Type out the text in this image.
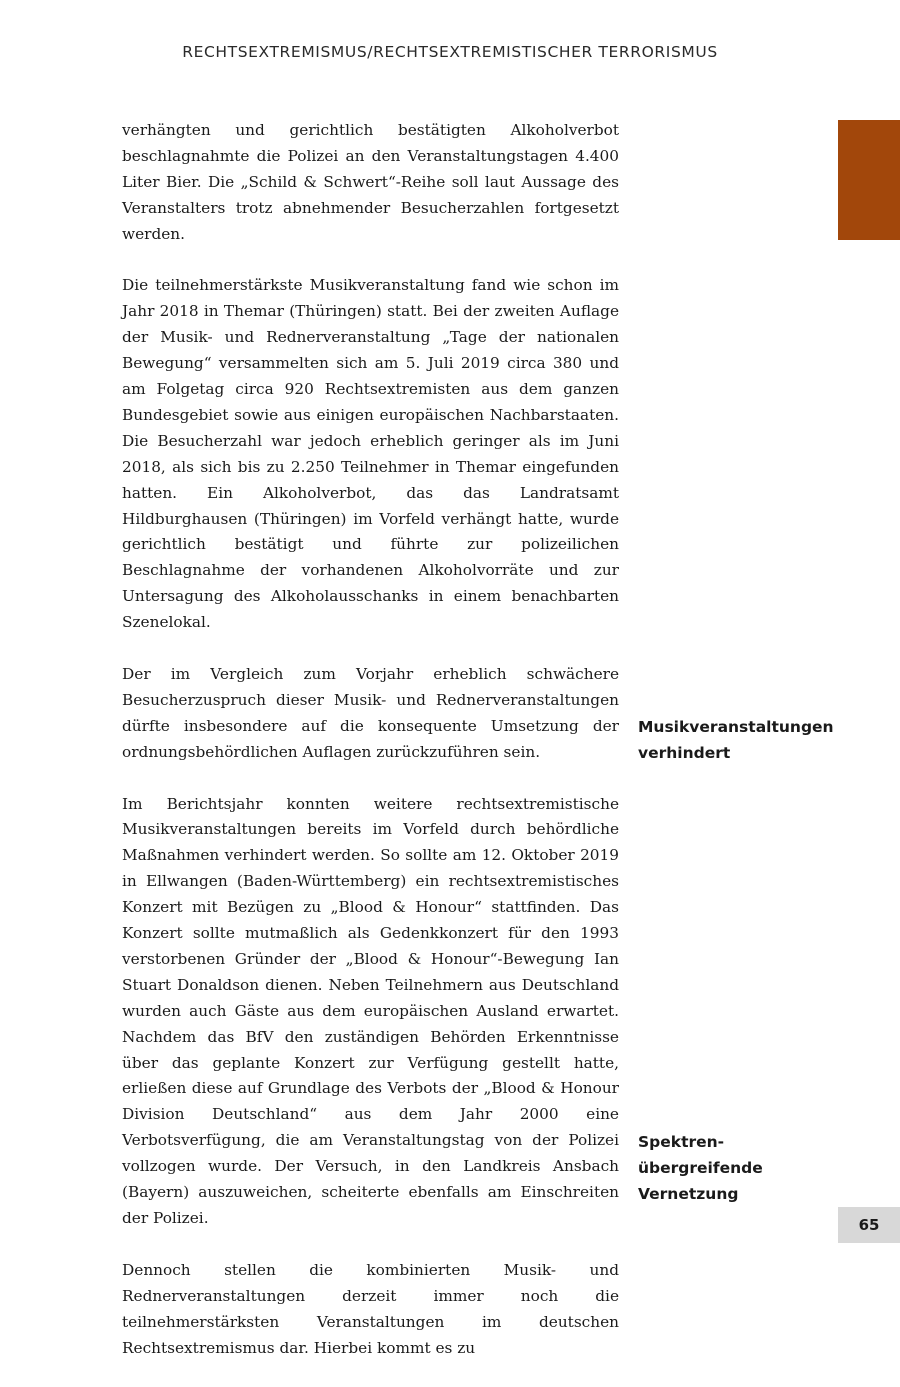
RECHTSEXTREMISMUS/RECHTSEXTREMISTISCHER TERRORISMUS

verhängten und gerichtlich bestätigten Alkoholverbot beschlagnahmte die Polizei an den Veranstaltungstagen 4.400 Liter Bier. Die „Schild & Schwert“-Reihe soll laut Aussage des Veranstalters trotz abnehmender Besucherzahlen fortgesetzt werden.

Die teilnehmerstärkste Musikveranstaltung fand wie schon im Jahr 2018 in Themar (Thüringen) statt. Bei der zweiten Auflage der Musik- und Rednerveranstaltung „Tage der nationalen Bewegung“ versammelten sich am 5. Juli 2019 circa 380 und am Folgetag circa 920 Rechtsextremisten aus dem ganzen Bundesgebiet sowie aus einigen europäischen Nachbarstaaten. Die Besucherzahl war jedoch erheblich geringer als im Juni 2018, als sich bis zu 2.250 Teilnehmer in Themar eingefunden hatten. Ein Alkoholverbot, das das Landratsamt Hildburghausen (Thüringen) im Vorfeld verhängt hatte, wurde gerichtlich bestätigt und führte zur polizeilichen Beschlagnahme der vorhandenen Alkoholvorräte und zur Untersagung des Alkoholausschanks in einem benachbarten Szenelokal.

Der im Vergleich zum Vorjahr erheblich schwächere Besucherzuspruch dieser Musik- und Rednerveranstaltungen dürfte insbesondere auf die konsequente Umsetzung der ordnungsbehördlichen Auflagen zurückzuführen sein.

Im Berichtsjahr konnten weitere rechtsextremistische Musikveranstaltungen bereits im Vorfeld durch behördliche Maßnahmen verhindert werden. So sollte am 12. Oktober 2019 in Ellwangen (Baden-Württemberg) ein rechtsextremistisches Konzert mit Bezügen zu „Blood & Honour“ stattfinden. Das Konzert sollte mutmaßlich als Gedenkkonzert für den 1993 verstorbenen Gründer der „Blood & Honour“-Bewegung Ian Stuart Donaldson dienen. Neben Teilnehmern aus Deutschland wurden auch Gäste aus dem europäischen Ausland erwartet. Nachdem das BfV den zuständigen Behörden Erkenntnisse über das geplante Konzert zur Verfügung gestellt hatte, erließen diese auf Grundlage des Verbots der „Blood & Honour Division Deutschland“ aus dem Jahr 2000 eine Verbotsverfügung, die am Veranstaltungstag von der Polizei vollzogen wurde. Der Versuch, in den Landkreis Ansbach (Bayern) auszuweichen, scheiterte ebenfalls am Einschreiten der Polizei.

Dennoch stellen die kombinierten Musik- und Rednerveranstaltungen derzeit immer noch die teilnehmerstärksten Veranstaltungen im deutschen Rechtsextremismus dar. Hierbei kommt es zu

Musikveranstaltungen
verhindert
Spektren-
übergreifende
Vernetzung
65
